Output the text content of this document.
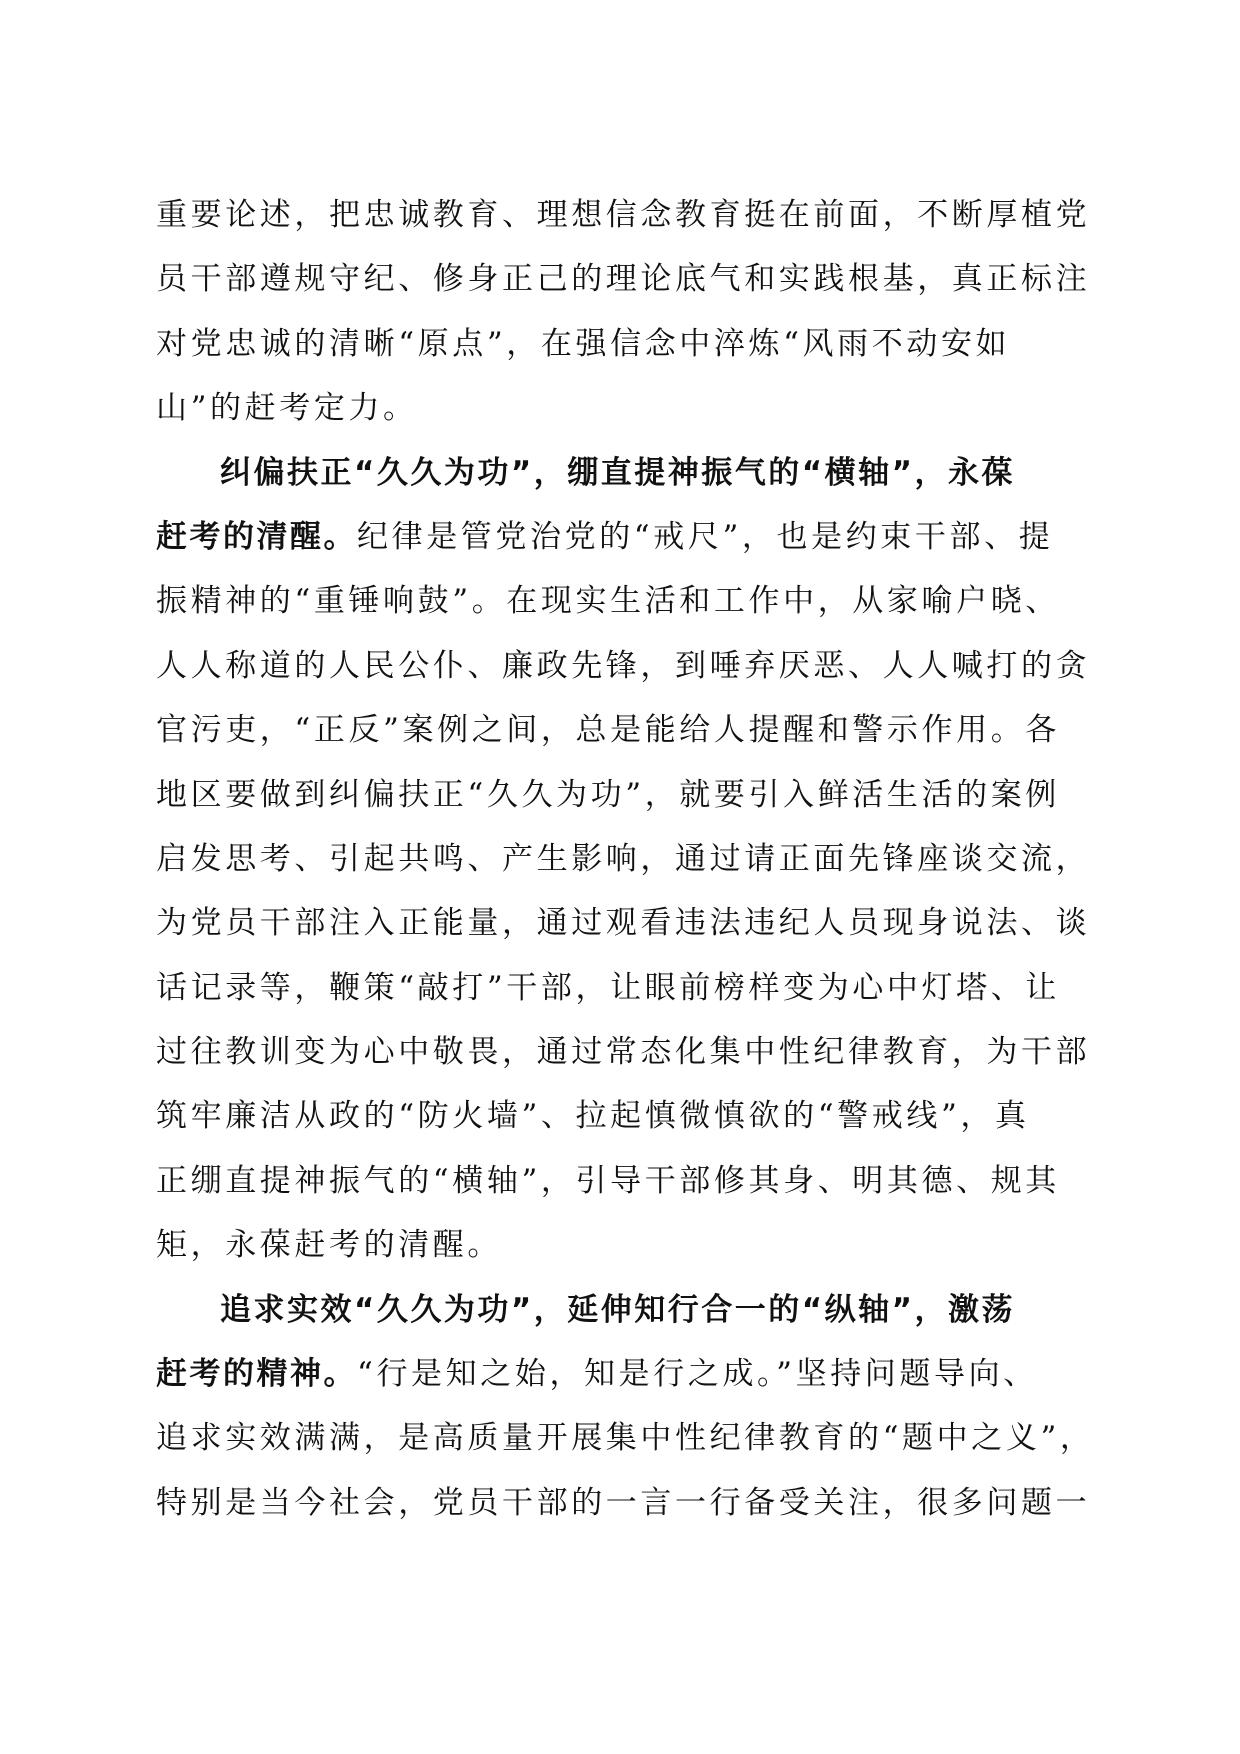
重要论述，把忠诚教育、理想信念教育挺在前面，不断厚植党
员干部遵规守纪、修身正己的理论底气和实践根基，真正标注
对党忠诚的清晰“原点”，在强信念中淬炼“风雨不动安如
山”的赶考定力。
纠偏扶正“久久为功”，绷直提神振气的“横轴”，永葆
赶考的清醒。纪律是管党治党的“戒尺”，也是约束干部、提
振精神的“重锤响鼓”。在现实生活和工作中，从家喻户晓、
人人称道的人民公仆、廉政先锋，到唾弃厌恶、人人喊打的贪
官污吏，“正反”案例之间，总是能给人提醒和警示作用。各
地区要做到纠偏扶正“久久为功”，就要引入鲜活生活的案例
启发思考、引起共鸣、产生影响，通过请正面先锋座谈交流，
为党员干部注入正能量，通过观看违法违纪人员现身说法、谈
话记录等，鞭策“敲打”干部，让眼前榜样变为心中灯塔、让
过往教训变为心中敬畏，通过常态化集中性纪律教育，为干部
筑牢廉洁从政的“防火墙”、拉起慎微慎欲的“警戒线”，真
正绷直提神振气的“横轴”，引导干部修其身、明其德、规其
矩，永葆赶考的清醒。
追求实效“久久为功”，延伸知行合一的“纵轴”，激荡
赶考的精神。“行是知之始，知是行之成。”坚持问题导向、
追求实效满满，是高质量开展集中性纪律教育的“题中之义”，
特别是当今社会，党员干部的一言一行备受关注，很多问题一
